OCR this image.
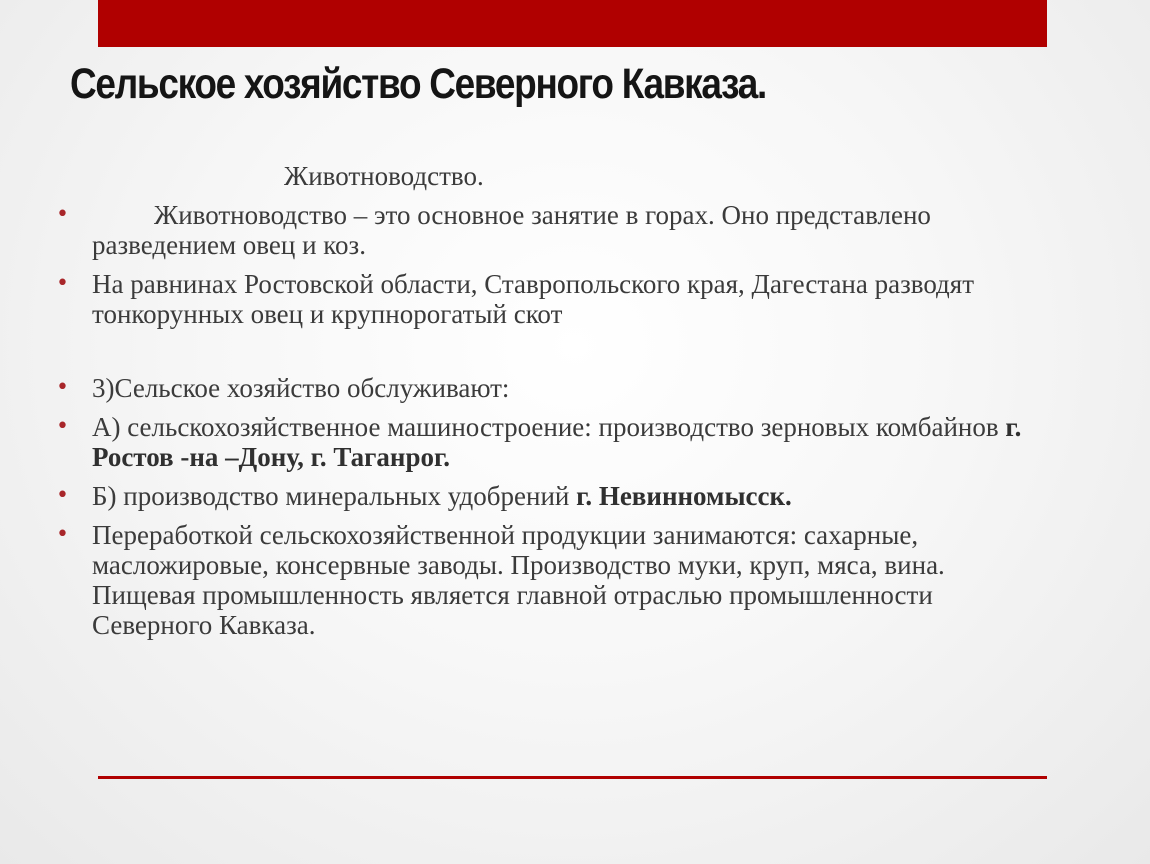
Сельское хозяйство Северного Кавказа.
Животноводство.
•	Животноводство – это основное занятие в горах. Оно представлено разведением овец и коз.
• На равнинах Ростовской области, Ставропольского края, Дагестана разводят тонкорунных овец и крупнорогатый скот
• 3)Сельское хозяйство обслуживают:
• А) сельскохозяйственное машиностроение: производство зерновых комбайнов г. Ростов -на –Дону, г. Таганрог.
• Б) производство минеральных удобрений г. Невинномысск.
• Переработкой сельскохозяйственной продукции занимаются: сахарные, масложировые, консервные заводы. Производство муки, круп, мяса, вина. Пищевая промышленность является главной отраслью промышленности Северного Кавказа.
